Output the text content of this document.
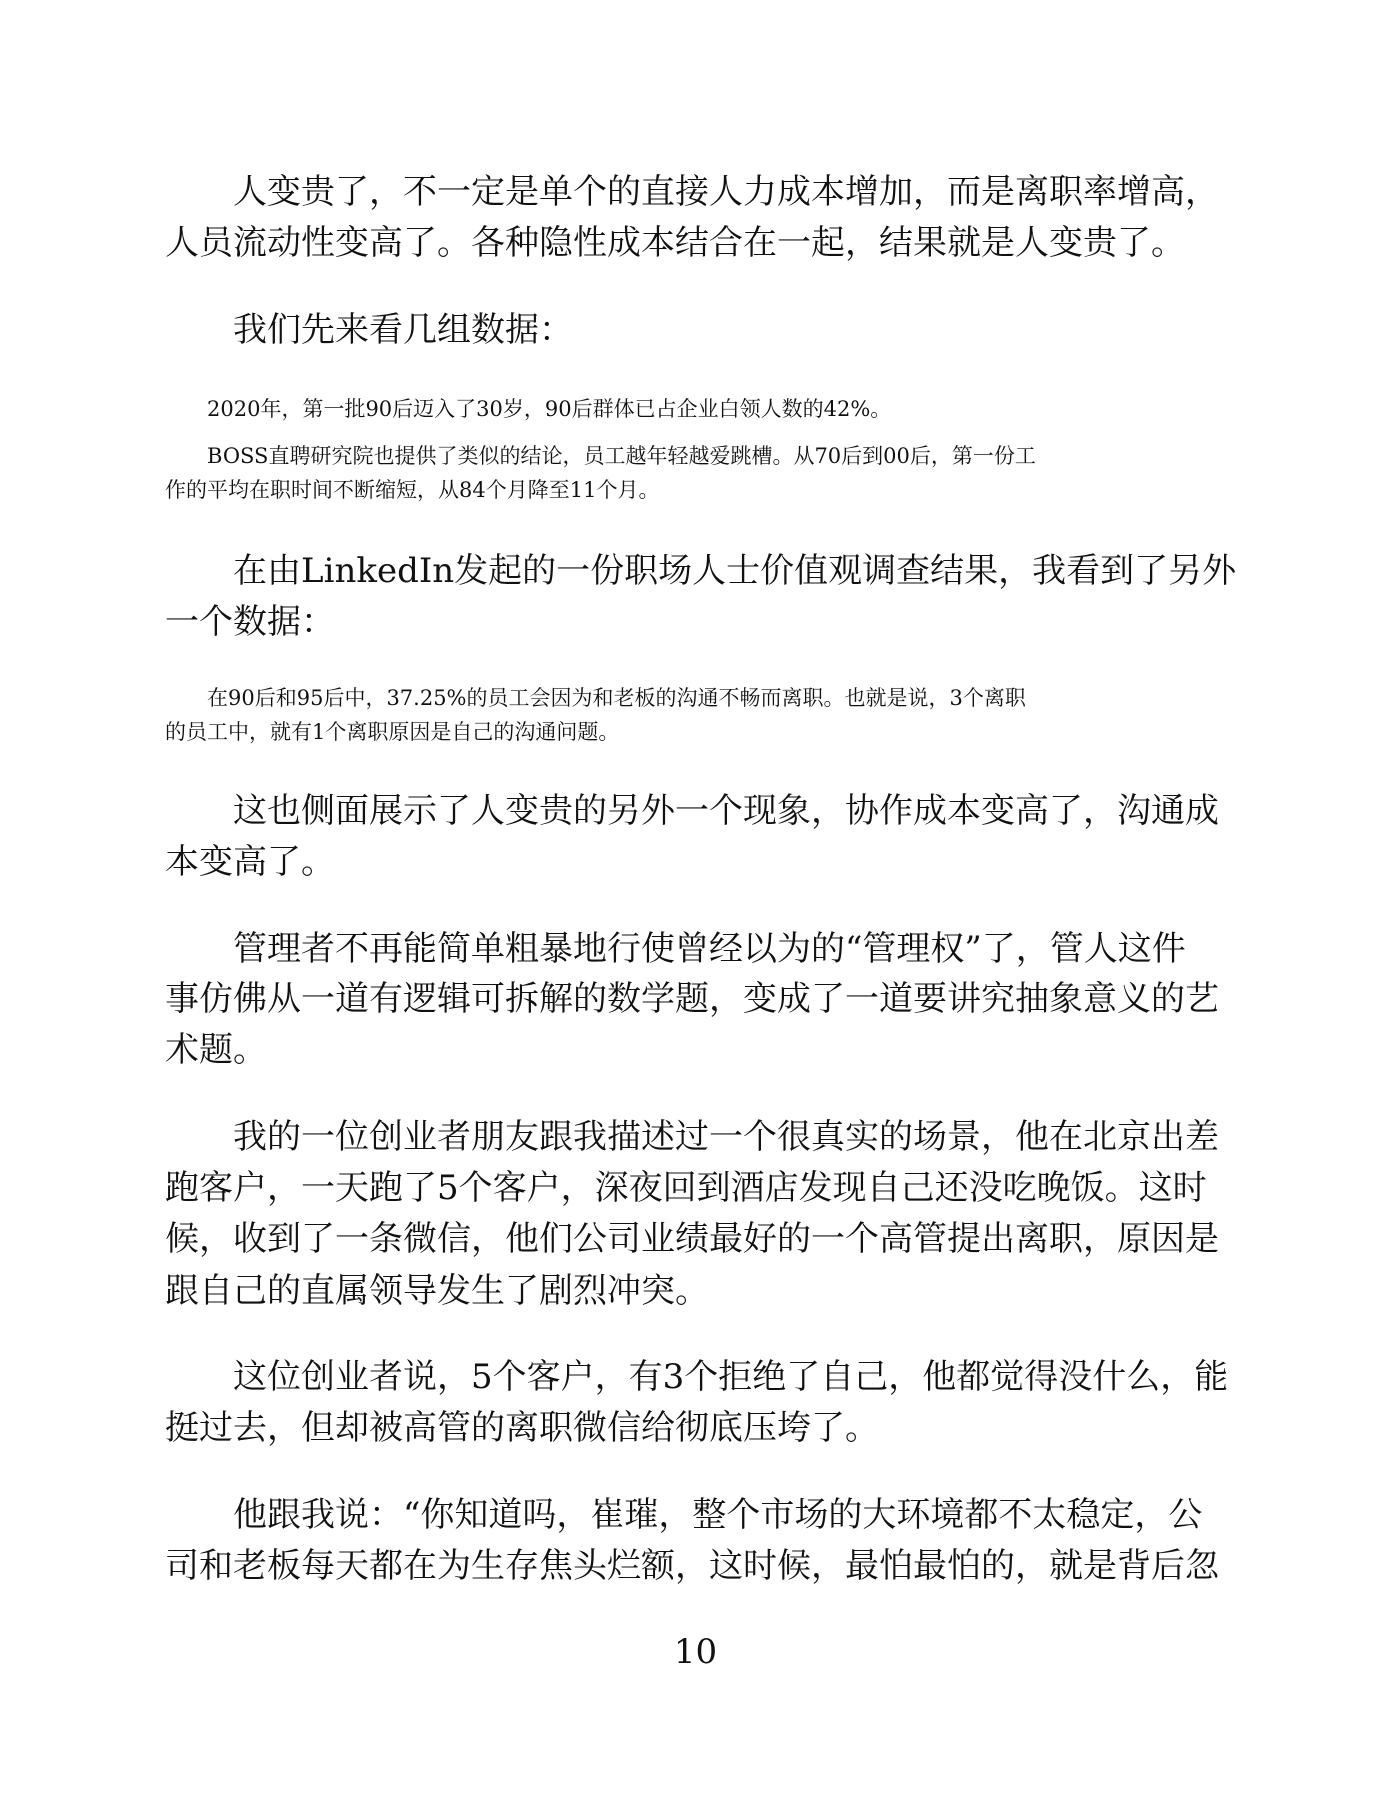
　　人变贵了，不一定是单个的直接人力成本增加，而是离职率增高，
人员流动性变高了。各种隐性成本结合在一起，结果就是人变贵了。
　　我们先来看几组数据：
　　2020年，第一批90后迈入了30岁，90后群体已占企业白领人数的42%。
　　BOSS直聘研究院也提供了类似的结论，员工越年轻越爱跳槽。从70后到00后，第一份工
作的平均在职时间不断缩短，从84个月降至11个月。
　　在由LinkedIn发起的一份职场人士价值观调查结果，我看到了另外
一个数据：
　　在90后和95后中，37.25%的员工会因为和老板的沟通不畅而离职。也就是说，3个离职
的员工中，就有1个离职原因是自己的沟通问题。
　　这也侧面展示了人变贵的另外一个现象，协作成本变高了，沟通成
本变高了。
　　管理者不再能简单粗暴地行使曾经以为的“管理权”了，管人这件
事仿佛从一道有逻辑可拆解的数学题，变成了一道要讲究抽象意义的艺
术题。
　　我的一位创业者朋友跟我描述过一个很真实的场景，他在北京出差
跑客户，一天跑了5个客户，深夜回到酒店发现自己还没吃晚饭。这时
候，收到了一条微信，他们公司业绩最好的一个高管提出离职，原因是
跟自己的直属领导发生了剧烈冲突。
　　这位创业者说，5个客户，有3个拒绝了自己，他都觉得没什么，能
挺过去，但却被高管的离职微信给彻底压垮了。
　　他跟我说：“你知道吗，崔璀，整个市场的大环境都不太稳定，公
司和老板每天都在为生存焦头烂额，这时候，最怕最怕的，就是背后忽
10
